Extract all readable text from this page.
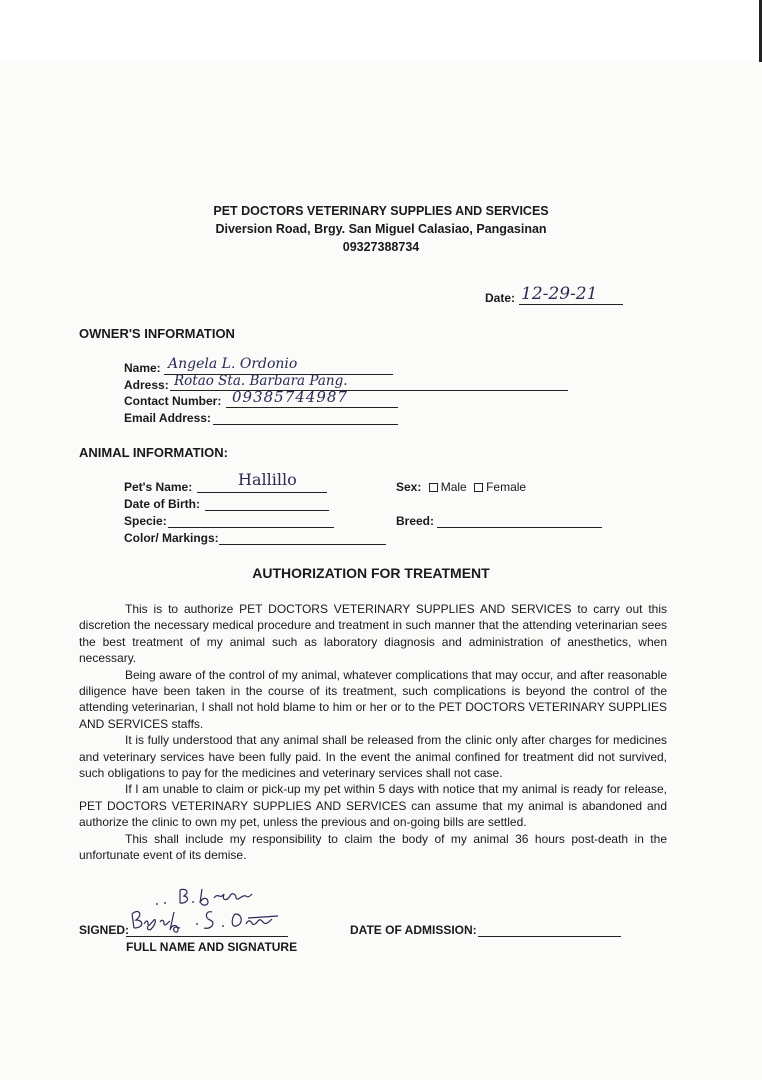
PET DOCTORS VETERINARY SUPPLIES AND SERVICES
Diversion Road, Brgy. San Miguel Calasiao, Pangasinan
09327388734
Date: 12-29-21
OWNER'S INFORMATION
Name: Angela L. Ordonio
Adress: Rotao Sta. Barbara Pang.
Contact Number: 09385744987
Email Address:
ANIMAL INFORMATION:
Pet's Name:	Hallillo	Sex: Male Female
Date of Birth:
Specie:	Breed:
Color/ Markings:
AUTHORIZATION FOR TREATMENT

This is to authorize PET DOCTORS VETERINARY SUPPLIES AND SERVICES to carry out this discretion the necessary medical procedure and treatment in such manner that the attending veterinarian sees the best treatment of my animal such as laboratory diagnosis and administration of anesthetics, when necessary.

Being aware of the control of my animal, whatever complications that may occur, and after reasonable diligence have been taken in the course of its treatment, such complications is beyond the control of the attending veterinarian, I shall not hold blame to him or her or to the PET DOCTORS VETERINARY SUPPLIES AND SERVICES staffs.

It is fully understood that any animal shall be released from the clinic only after charges for medicines and veterinary services have been fully paid. In the event the animal confined for treatment did not survived, such obligations to pay for the medicines and veterinary services shall not case.

If I am unable to claim or pick-up my pet within 5 days with notice that my animal is ready for release, PET DOCTORS VETERINARY SUPPLIES AND SERVICES can assume that my animal is abandoned and authorize the clinic to own my pet, unless the previous and on-going bills are settled.

This shall include my responsibility to claim the body of my animal 36 hours post-death in the unfortunate event of its demise.

SIGNED:
FULL NAME AND SIGNATURE
DATE OF ADMISSION:
